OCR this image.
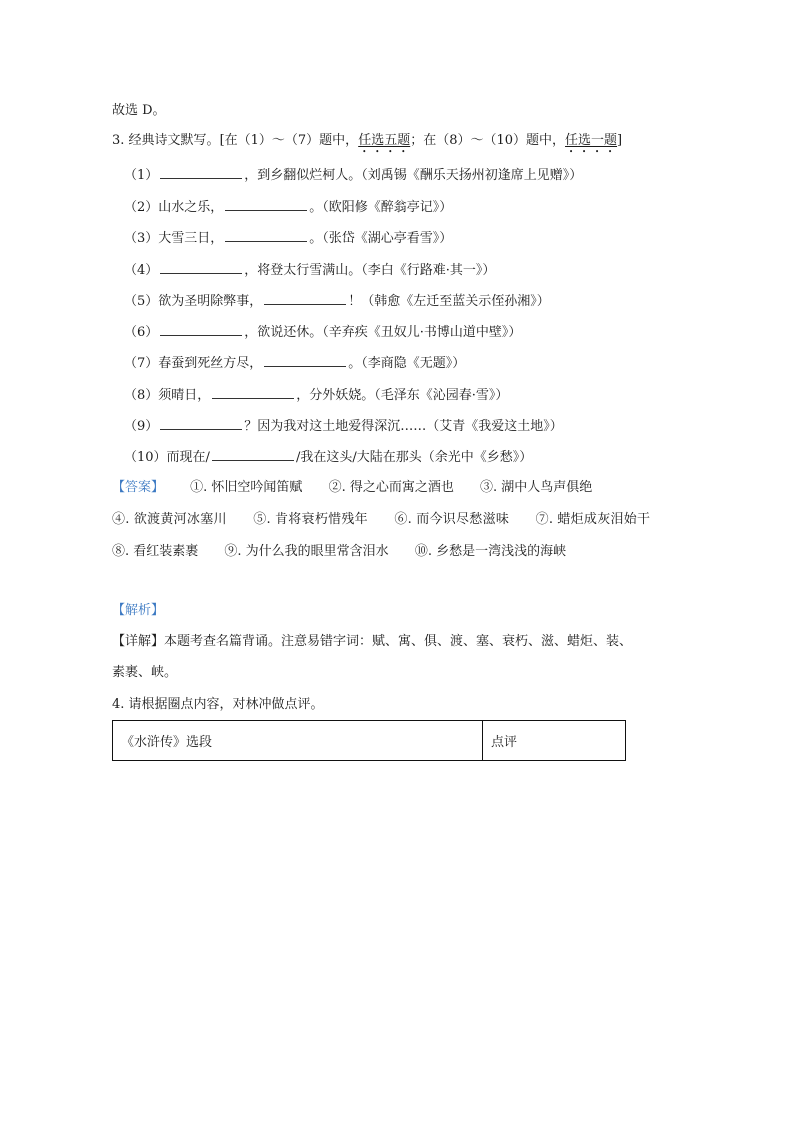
故选 D。
3. 经典诗文默写。[在（1）～（7）题中，任选五题；在（8）～（10）题中，任选一题]
（1）	，到乡翻似烂柯人。（刘禹锡《酬乐天扬州初逢席上见赠》）
（2）山水之乐，	。（欧阳修《醉翁亭记》）
（3）大雪三日，	。（张岱《湖心亭看雪》）
（4）	，将登太行雪满山。（李白《行路难·其一》）
（5）欲为圣明除弊事，	！（韩愈《左迁至蓝关示侄孙湘》）
（6）	，欲说还休。（辛弃疾《丑奴儿·书博山道中壁》）
（7）春蚕到死丝方尽，	。（李商隐《无题》）
（8）须晴日，	，分外妖娆。（毛泽东《沁园春·雪》）
（9）	？因为我对这土地爱得深沉……（艾青《我爱这土地》）
（10）而现在/	/我在这头/大陆在那头（余光中《乡愁》）
【答案】 ①. 怀旧空吟闻笛赋 ②. 得之心而寓之酒也 ③. 湖中人鸟声俱绝
④. 欲渡黄河冰塞川 ⑤. 肯将衰朽惜残年 ⑥. 而今识尽愁滋味 ⑦. 蜡炬成灰泪始干 ⑧. 看红装素裹 ⑨. 为什么我的眼里常含泪水 ⑩. 乡愁是一湾浅浅的海峡
【解析】
【详解】本题考查名篇背诵。注意易错字词：赋、寓、俱、渡、塞、衰朽、滋、蜡炬、装、
素裹、峡。
4. 请根据圈点内容，对林冲做点评。
《水浒传》选段	点评
